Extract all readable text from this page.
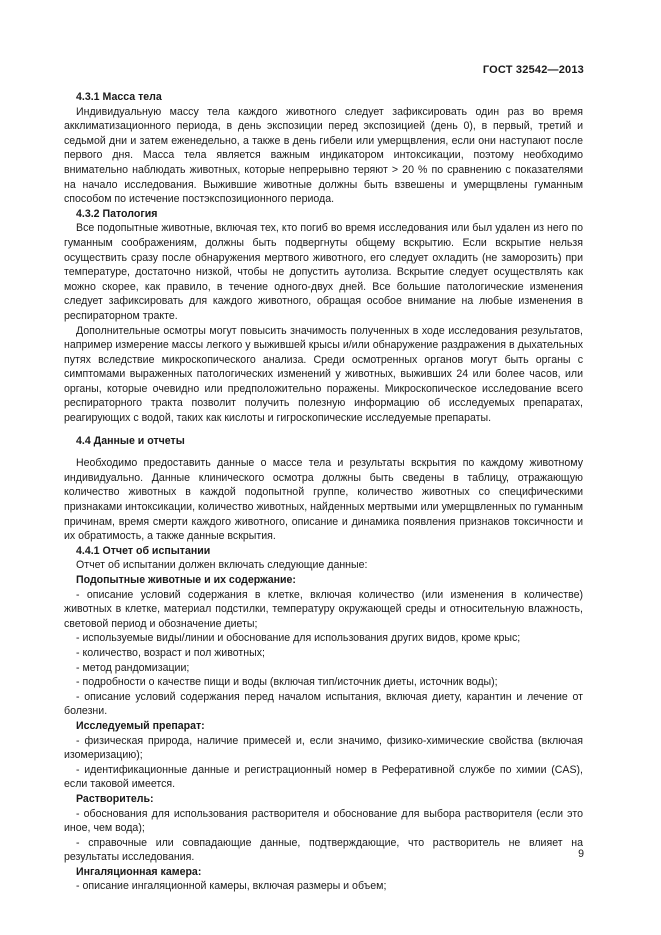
ГОСТ 32542—2013

4.3.1 Масса тела

Индивидуальную массу тела каждого животного следует зафиксировать один раз во время акклиматизационного периода, в день экспозиции перед экспозицией (день 0), в первый, третий и седьмой дни и затем еженедельно, а также в день гибели или умерщвления, если они наступают после первого дня. Масса тела является важным индикатором интоксикации, поэтому необходимо внимательно наблюдать животных, которые непрерывно теряют > 20 % по сравнению с показателями на начало исследования. Выжившие животные должны быть взвешены и умерщвлены гуманным способом по истечение постэкспозиционного периода.

4.3.2 Патология

Все подопытные животные, включая тех, кто погиб во время исследования или был удален из него по гуманным соображениям, должны быть подвергнуты общему вскрытию. Если вскрытие нельзя осуществить сразу после обнаружения мертвого животного, его следует охладить (не заморозить) при температуре, достаточно низкой, чтобы не допустить аутолиза. Вскрытие следует осуществлять как можно скорее, как правило, в течение одного-двух дней. Все большие патологические изменения следует зафиксировать для каждого животного, обращая особое внимание на любые изменения в респираторном тракте.

Дополнительные осмотры могут повысить значимость полученных в ходе исследования результатов, например измерение массы легкого у выжившей крысы и/или обнаружение раздражения в дыхательных путях вследствие микроскопического анализа. Среди осмотренных органов могут быть органы с симптомами выраженных патологических изменений у животных, выживших 24 или более часов, или органы, которые очевидно или предположительно поражены. Микроскопическое исследование всего респираторного тракта позволит получить полезную информацию об исследуемых препаратах, реагирующих с водой, таких как кислоты и гигроскопические исследуемые препараты.

4.4 Данные и отчеты

Необходимо предоставить данные о массе тела и результаты вскрытия по каждому животному индивидуально. Данные клинического осмотра должны быть сведены в таблицу, отражающую количество животных в каждой подопытной группе, количество животных со специфическими признаками интоксикации, количество животных, найденных мертвыми или умерщвленных по гуманным причинам, время смерти каждого животного, описание и динамика появления признаков токсичности и их обратимость, а также данные вскрытия.

4.4.1 Отчет об испытании

Отчет об испытании должен включать следующие данные:

Подопытные животные и их содержание:

- описание условий содержания в клетке, включая количество (или изменения в количестве) животных в клетке, материал подстилки, температуру окружающей среды и относительную влажность, световой период и обозначение диеты;

- используемые виды/линии и обоснование для использования других видов, кроме крыс;

- количество, возраст и пол животных;

- метод рандомизации;

- подробности о качестве пищи и воды (включая тип/источник диеты, источник воды);

- описание условий содержания перед началом испытания, включая диету, карантин и лечение от болезни.

Исследуемый препарат:

- физическая природа, наличие примесей и, если значимо, физико-химические свойства (включая изомеризацию);

- идентификационные данные и регистрационный номер в Реферативной службе по химии (CAS), если таковой имеется.

Растворитель:

- обоснования для использования растворителя и обоснование для выбора растворителя (если это иное, чем вода);

- справочные или совпадающие данные, подтверждающие, что растворитель не влияет на результаты исследования.

Ингаляционная камера:

- описание ингаляционной камеры, включая размеры и объем;

9
